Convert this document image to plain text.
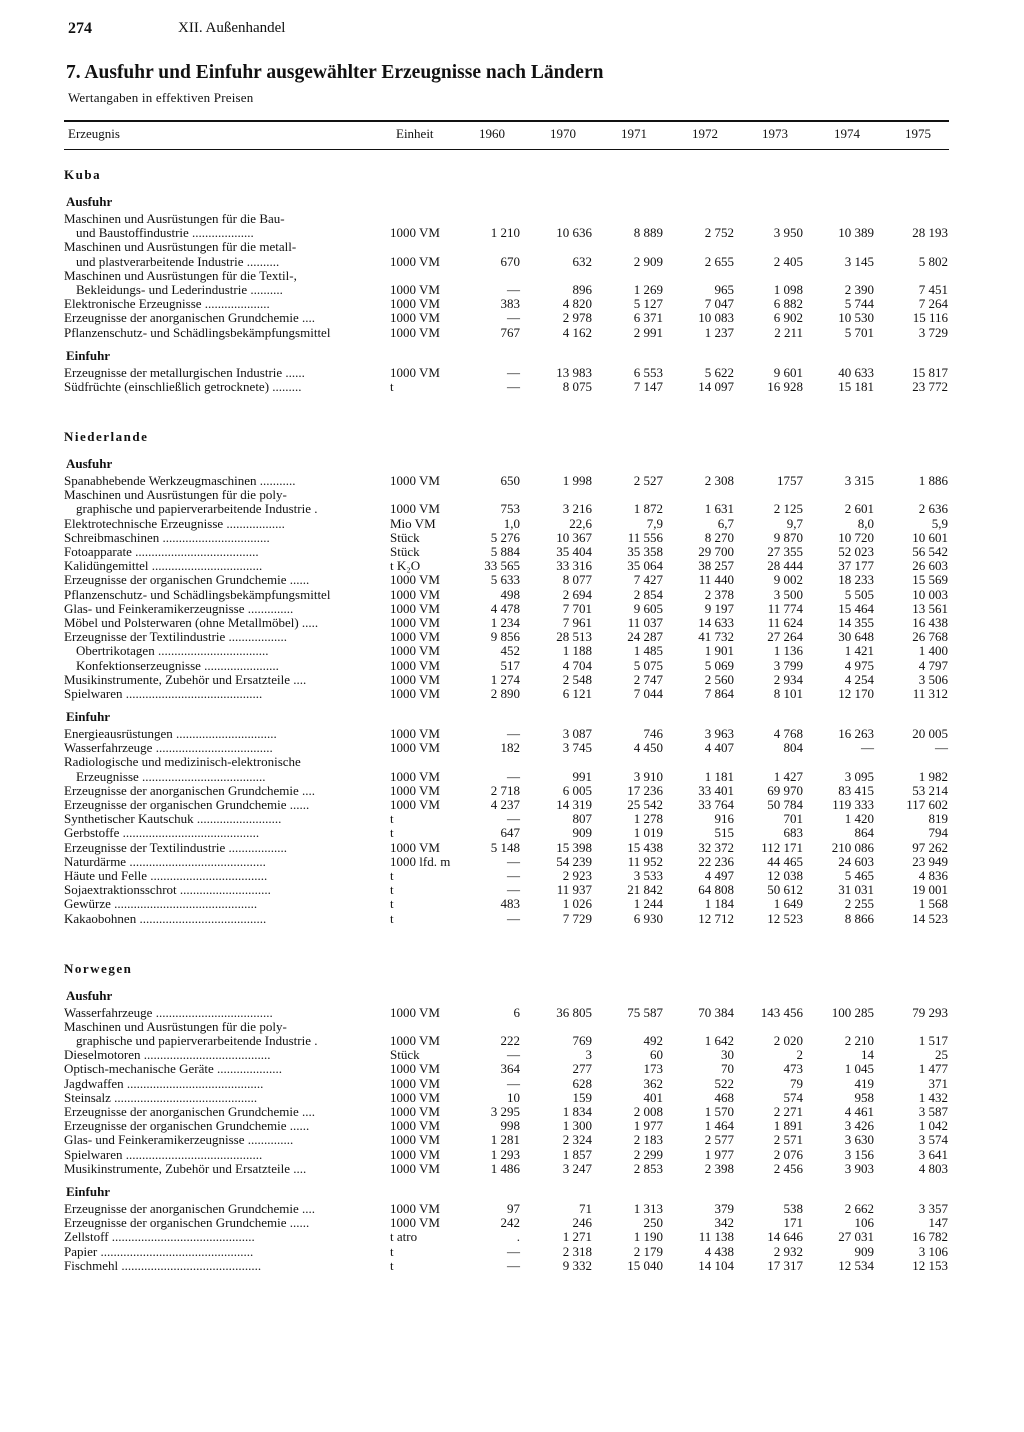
274	XII. Außenhandel
7. Ausfuhr und Einfuhr ausgewählter Erzeugnisse nach Ländern
Wertangaben in effektiven Preisen
Erzeugnis	Einheit	1960	1970	1971	1972	1973	1974	1975
Kuba
Ausfuhr
Maschinen und Ausrüstungen für die Bau-
und Baustoffindustrie ...................	1000 VM	1 210	10 636	8 889	2 752	3 950	10 389	28 193
Maschinen und Ausrüstungen für die metall-
und plastverarbeitende Industrie ..........	1000 VM	670	632	2 909	2 655	2 405	3 145	5 802
Maschinen und Ausrüstungen für die Textil-,
Bekleidungs- und Lederindustrie ..........	1000 VM	—	896	1 269	965	1 098	2 390	7 451
Elektronische Erzeugnisse ....................	1000 VM	383	4 820	5 127	7 047	6 882	5 744	7 264
Erzeugnisse der anorganischen Grundchemie ....	1000 VM	—	2 978	6 371	10 083	6 902	10 530	15 116
Pflanzenschutz- und Schädlingsbekämpfungsmittel	1000 VM	767	4 162	2 991	1 237	2 211	5 701	3 729
Einfuhr
Erzeugnisse der metallurgischen Industrie ......	1000 VM	—	13 983	6 553	5 622	9 601	40 633	15 817
Südfrüchte (einschließlich getrocknete) .........	t	—	8 075	7 147	14 097	16 928	15 181	23 772
Niederlande
Ausfuhr
Spanabhebende Werkzeugmaschinen ...........	1000 VM	650	1 998	2 527	2 308	1757	3 315	1 886
Maschinen und Ausrüstungen für die poly-
graphische und papierverarbeitende Industrie .	1000 VM	753	3 216	1 872	1 631	2 125	2 601	2 636
Elektrotechnische Erzeugnisse ..................	Mio VM	1,0	22,6	7,9	6,7	9,7	8,0	5,9
Schreibmaschinen .................................	Stück	5 276	10 367	11 556	8 270	9 870	10 720	10 601
Fotoapparate ......................................	Stück	5 884	35 404	35 358	29 700	27 355	52 023	56 542
Kalidüngemittel ..................................	t K₂O	33 565	33 316	35 064	38 257	28 444	37 177	26 603
Erzeugnisse der organischen Grundchemie ......	1000 VM	5 633	8 077	7 427	11 440	9 002	18 233	15 569
Pflanzenschutz- und Schädlingsbekämpfungsmittel	1000 VM	498	2 694	2 854	2 378	3 500	5 505	10 003
Glas- und Feinkeramikerzeugnisse ..............	1000 VM	4 478	7 701	9 605	9 197	11 774	15 464	13 561
Möbel und Polsterwaren (ohne Metallmöbel) .....	1000 VM	1 234	7 961	11 037	14 633	11 624	14 355	16 438
Erzeugnisse der Textilindustrie ..................	1000 VM	9 856	28 513	24 287	41 732	27 264	30 648	26 768
Obertrikotagen ..................................	1000 VM	452	1 188	1 485	1 901	1 136	1 421	1 400
Konfektionserzeugnisse .......................	1000 VM	517	4 704	5 075	5 069	3 799	4 975	4 797
Musikinstrumente, Zubehör und Ersatzteile ....	1000 VM	1 274	2 548	2 747	2 560	2 934	4 254	3 506
Spielwaren ..........................................	1000 VM	2 890	6 121	7 044	7 864	8 101	12 170	11 312
Einfuhr
Energieausrüstungen ...............................	1000 VM	—	3 087	746	3 963	4 768	16 263	20 005
Wasserfahrzeuge ....................................	1000 VM	182	3 745	4 450	4 407	804	—	—
Radiologische und medizinisch-elektronische
Erzeugnisse ......................................	1000 VM	—	991	3 910	1 181	1 427	3 095	1 982
Erzeugnisse der anorganischen Grundchemie ....	1000 VM	2 718	6 005	17 236	33 401	69 970	83 415	53 214
Erzeugnisse der organischen Grundchemie ......	1000 VM	4 237	14 319	25 542	33 764	50 784	119 333	117 602
Synthetischer Kautschuk ..........................	t	—	807	1 278	916	701	1 420	819
Gerbstoffe ..........................................	t	647	909	1 019	515	683	864	794
Erzeugnisse der Textilindustrie ..................	1000 VM	5 148	15 398	15 438	32 372	112 171	210 086	97 262
Naturdärme ..........................................	1000 lfd. m	—	54 239	11 952	22 236	44 465	24 603	23 949
Häute und Felle ....................................	t	—	2 923	3 533	4 497	12 038	5 465	4 836
Sojaextraktionsschrot ............................	t	—	11 937	21 842	64 808	50 612	31 031	19 001
Gewürze ............................................	t	483	1 026	1 244	1 184	1 649	2 255	1 568
Kakaobohnen .......................................	t	—	7 729	6 930	12 712	12 523	8 866	14 523
Norwegen
Ausfuhr
Wasserfahrzeuge ....................................	1000 VM	6	36 805	75 587	70 384	143 456	100 285	79 293
Maschinen und Ausrüstungen für die poly-
graphische und papierverarbeitende Industrie .	1000 VM	222	769	492	1 642	2 020	2 210	1 517
Dieselmotoren .......................................	Stück	—	3	60	30	2	14	25
Optisch-mechanische Geräte ....................	1000 VM	364	277	173	70	473	1 045	1 477
Jagdwaffen ..........................................	1000 VM	—	628	362	522	79	419	371
Steinsalz ............................................	1000 VM	10	159	401	468	574	958	1 432
Erzeugnisse der anorganischen Grundchemie ....	1000 VM	3 295	1 834	2 008	1 570	2 271	4 461	3 587
Erzeugnisse der organischen Grundchemie ......	1000 VM	998	1 300	1 977	1 464	1 891	3 426	1 042
Glas- und Feinkeramikerzeugnisse ..............	1000 VM	1 281	2 324	2 183	2 577	2 571	3 630	3 574
Spielwaren ..........................................	1000 VM	1 293	1 857	2 299	1 977	2 076	3 156	3 641
Musikinstrumente, Zubehör und Ersatzteile ....	1000 VM	1 486	3 247	2 853	2 398	2 456	3 903	4 803
Einfuhr
Erzeugnisse der anorganischen Grundchemie ....	1000 VM	97	71	1 313	379	538	2 662	3 357
Erzeugnisse der organischen Grundchemie ......	1000 VM	242	246	250	342	171	106	147
Zellstoff ............................................	t atro	.	1 271	1 190	11 138	14 646	27 031	16 782
Papier ...............................................	t	—	2 318	2 179	4 438	2 932	909	3 106
Fischmehl ...........................................	t	—	9 332	15 040	14 104	17 317	12 534	12 153
